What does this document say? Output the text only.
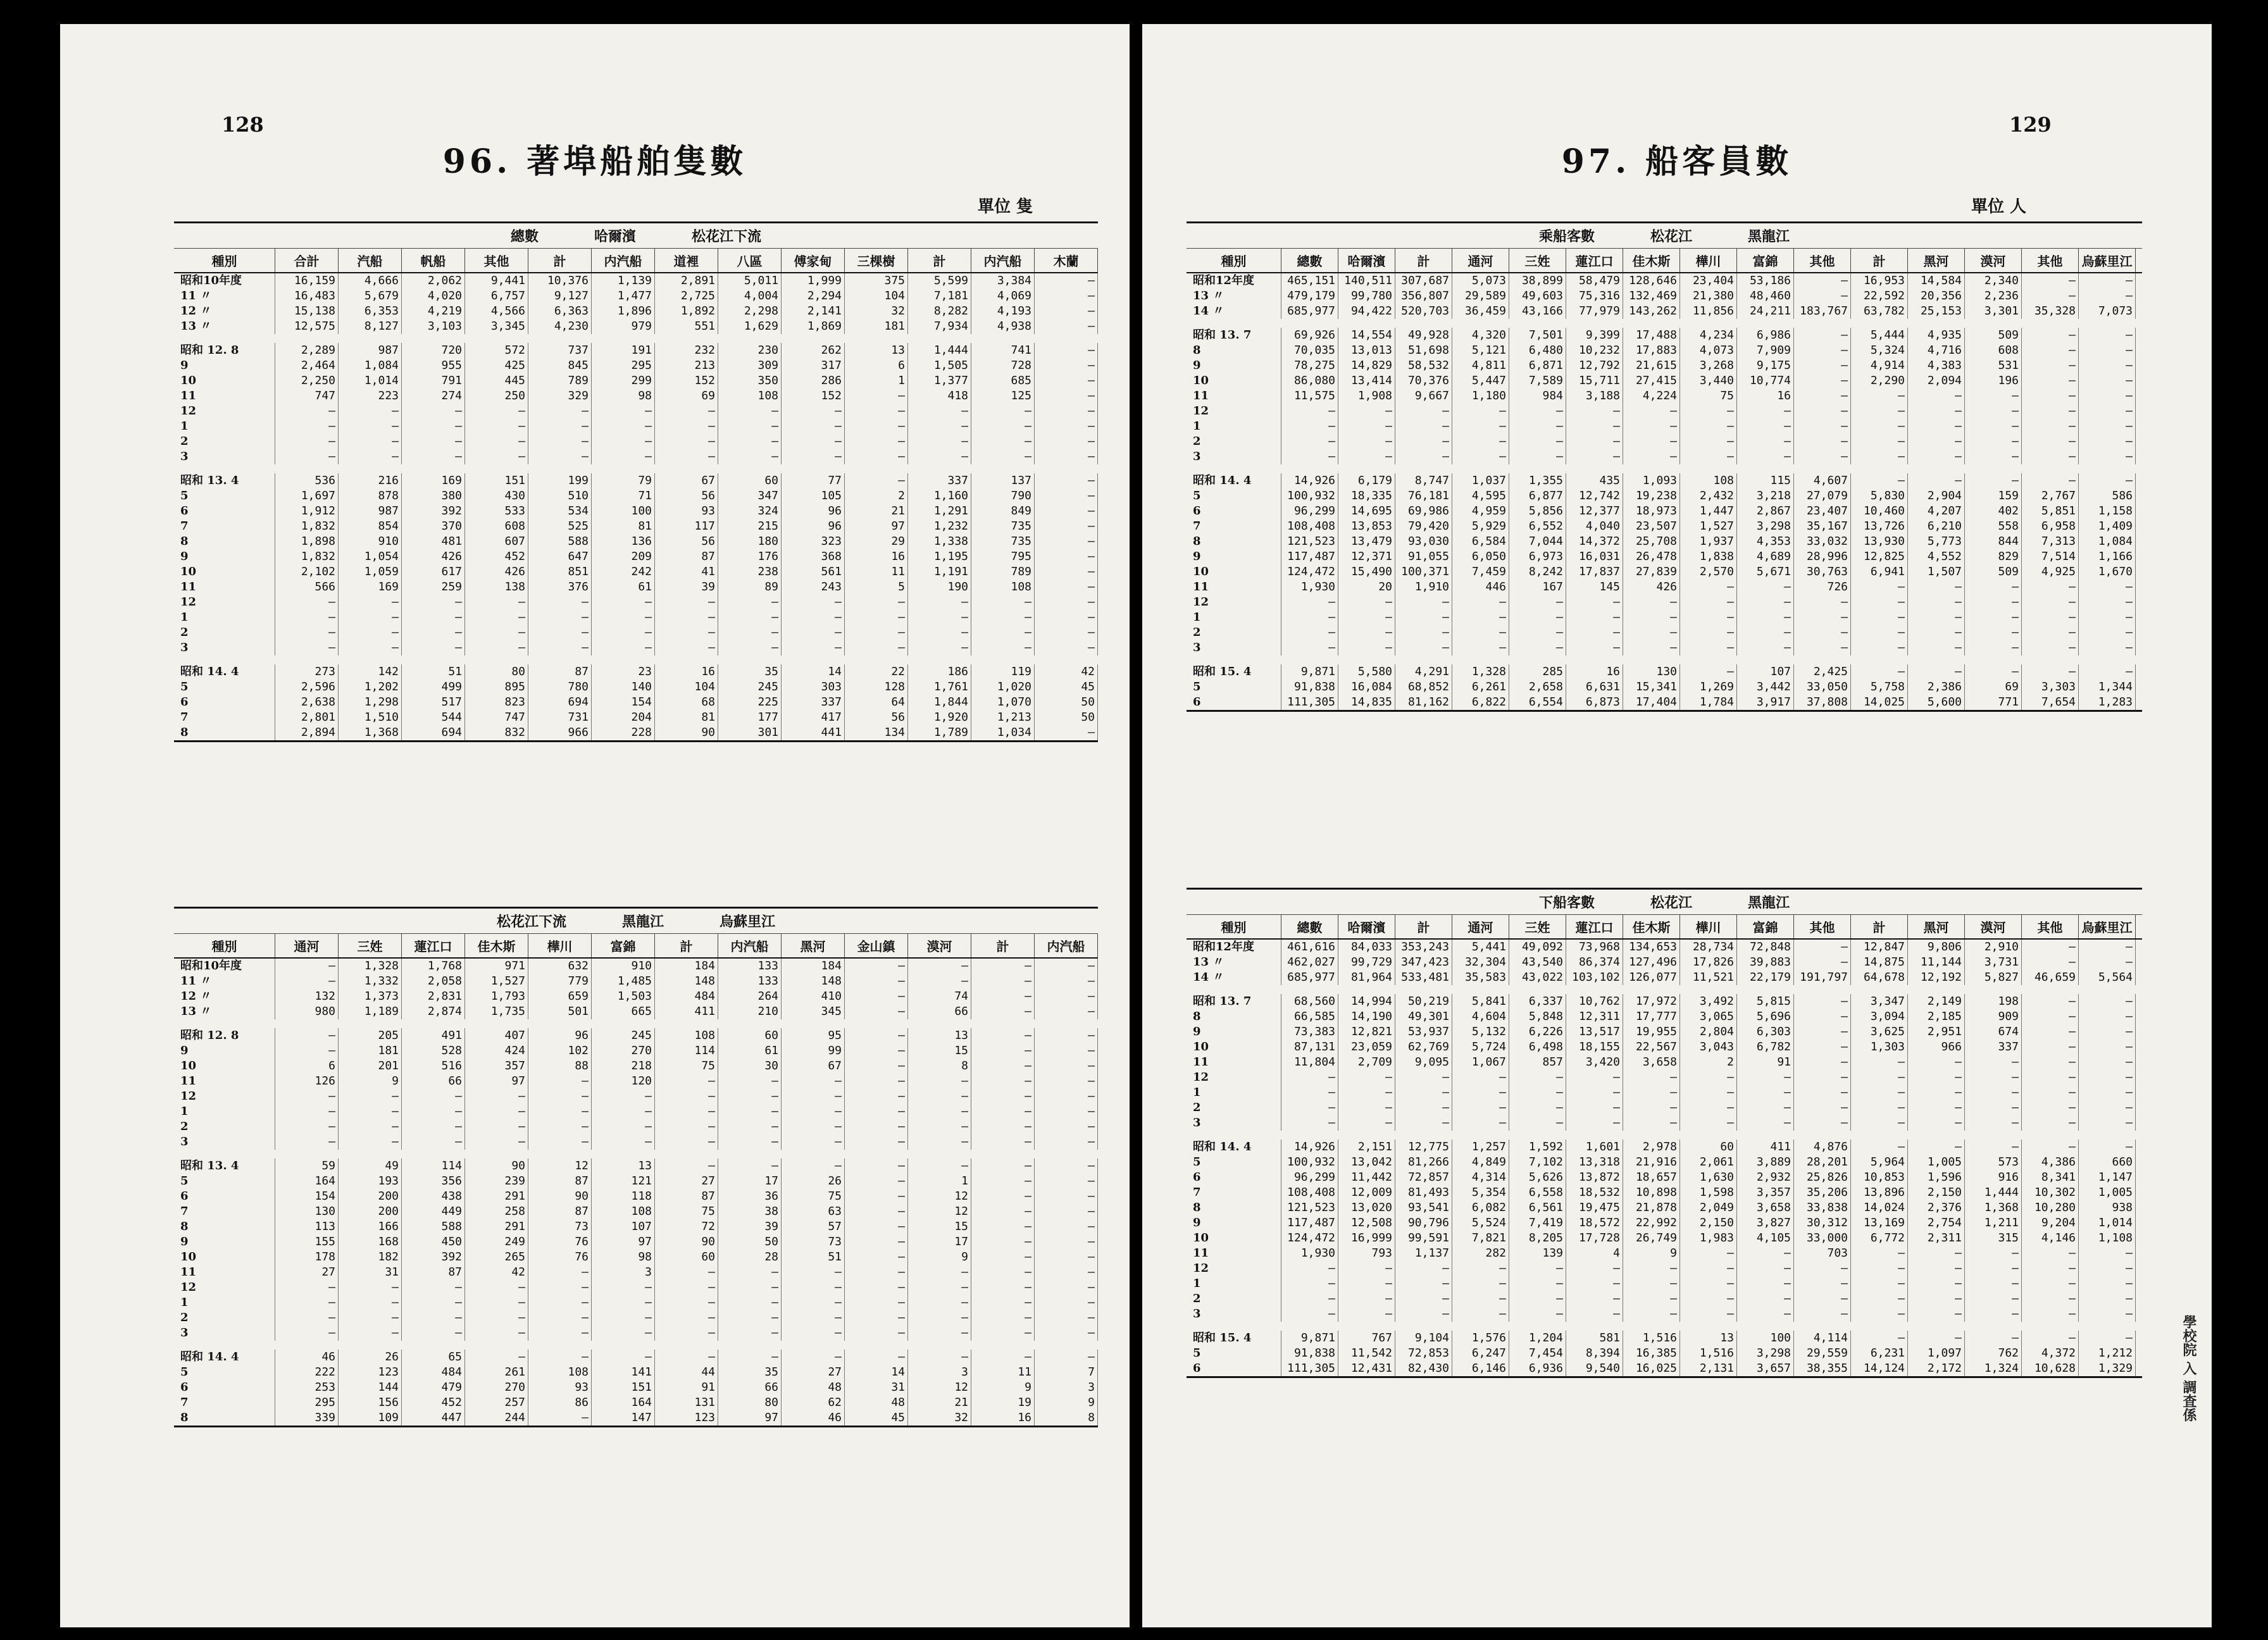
128
96. 著埠船舶隻數
單位 隻
總數　　　　哈爾濱　　　　松花江下流
種別	合計	汽船	帆船	其他	計	内汽船	道裡	八區	傅家甸	三棵樹	計	内汽船	木蘭
昭和10年度	16,159	4,666	2,062	9,441	10,376	1,139	2,891	5,011	1,999	375	5,599	3,384	—
11 〃	16,483	5,679	4,020	6,757	9,127	1,477	2,725	4,004	2,294	104	7,181	4,069	—
12 〃	15,138	6,353	4,219	4,566	6,363	1,896	1,892	2,298	2,141	32	8,282	4,193	—
13 〃	12,575	8,127	3,103	3,345	4,230	979	551	1,629	1,869	181	7,934	4,938	—
昭和 12. 8	2,289	987	720	572	737	191	232	230	262	13	1,444	741	—
9	2,464	1,084	955	425	845	295	213	309	317	6	1,505	728	—
10	2,250	1,014	791	445	789	299	152	350	286	1	1,377	685	—
11	747	223	274	250	329	98	69	108	152	—	418	125	—
12	—	—	—	—	—	—	—	—	—	—	—	—	—
1	—	—	—	—	—	—	—	—	—	—	—	—	—
2	—	—	—	—	—	—	—	—	—	—	—	—	—
3	—	—	—	—	—	—	—	—	—	—	—	—	—
昭和 13. 4	536	216	169	151	199	79	67	60	77	—	337	137	—
5	1,697	878	380	430	510	71	56	347	105	2	1,160	790	—
6	1,912	987	392	533	534	100	93	324	96	21	1,291	849	—
7	1,832	854	370	608	525	81	117	215	96	97	1,232	735	—
8	1,898	910	481	607	588	136	56	180	323	29	1,338	735	—
9	1,832	1,054	426	452	647	209	87	176	368	16	1,195	795	—
10	2,102	1,059	617	426	851	242	41	238	561	11	1,191	789	—
11	566	169	259	138	376	61	39	89	243	5	190	108	—
12	—	—	—	—	—	—	—	—	—	—	—	—	—
1	—	—	—	—	—	—	—	—	—	—	—	—	—
2	—	—	—	—	—	—	—	—	—	—	—	—	—
3	—	—	—	—	—	—	—	—	—	—	—	—	—
昭和 14. 4	273	142	51	80	87	23	16	35	14	22	186	119	42
5	2,596	1,202	499	895	780	140	104	245	303	128	1,761	1,020	45
6	2,638	1,298	517	823	694	154	68	225	337	64	1,844	1,070	50
7	2,801	1,510	544	747	731	204	81	177	417	56	1,920	1,213	50
8	2,894	1,368	694	832	966	228	90	301	441	134	1,789	1,034	—
松花江下流　　　　黑龍江　　　　烏蘇里江
種別	通河	三姓	蓮江口	佳木斯	樺川	富錦	計	内汽船	黑河	金山鎮	漠河	計	内汽船
昭和10年度	—	1,328	1,768	971	632	910	184	133	184	—	—	—	—
11 〃	—	1,332	2,058	1,527	779	1,485	148	133	148	—	—	—	—
12 〃	132	1,373	2,831	1,793	659	1,503	484	264	410	—	74	—	—
13 〃	980	1,189	2,874	1,735	501	665	411	210	345	—	66	—	—
昭和 12. 8	—	205	491	407	96	245	108	60	95	—	13	—	—
9	—	181	528	424	102	270	114	61	99	—	15	—	—
10	6	201	516	357	88	218	75	30	67	—	8	—	—
11	126	9	66	97	—	120	—	—	—	—	—	—	—
12	—	—	—	—	—	—	—	—	—	—	—	—	—
1	—	—	—	—	—	—	—	—	—	—	—	—	—
2	—	—	—	—	—	—	—	—	—	—	—	—	—
3	—	—	—	—	—	—	—	—	—	—	—	—	—
昭和 13. 4	59	49	114	90	12	13	—	—	—	—	—	—	—
5	164	193	356	239	87	121	27	17	26	—	1	—	—
6	154	200	438	291	90	118	87	36	75	—	12	—	—
7	130	200	449	258	87	108	75	38	63	—	12	—	—
8	113	166	588	291	73	107	72	39	57	—	15	—	—
9	155	168	450	249	76	97	90	50	73	—	17	—	—
10	178	182	392	265	76	98	60	28	51	—	9	—	—
11	27	31	87	42	—	3	—	—	—	—	—	—	—
12	—	—	—	—	—	—	—	—	—	—	—	—	—
1	—	—	—	—	—	—	—	—	—	—	—	—	—
2	—	—	—	—	—	—	—	—	—	—	—	—	—
3	—	—	—	—	—	—	—	—	—	—	—	—	—
昭和 14. 4	46	26	65	—	—	—	—	—	—	—	—	—	—
5	222	123	484	261	108	141	44	35	27	14	3	11	7
6	253	144	479	270	93	151	91	66	48	31	12	9	3
7	295	156	452	257	86	164	131	80	62	48	21	19	9
8	339	109	447	244	—	147	123	97	46	45	32	16	8
129
97. 船客員數
單位 人
乘船客數　　　　松花江　　　　黑龍江
種別	總數	哈爾濱	計	通河	三姓	蓮江口	佳木斯	樺川	富錦	其他	計	黑河	漠河	其他	烏蘇里江
昭和12年度	465,151 140,511 307,687	5,073	38,899	58,479 128,646	23,404	53,186	—	16,953	14,584	2,340	—	—
13 〃	479,179	99,780 356,807	29,589	49,603	75,316 132,469	21,380	48,460	—	22,592	20,356	2,236	—	—
14 〃	685,977	94,422 520,703	36,459	43,166	77,979 143,262	11,856	24,211 183,767	63,782	25,153	3,301	35,328	7,073
昭和 13. 7	69,926	14,554	49,928	4,320	7,501	9,399	17,488	4,234	6,986	—	5,444	4,935	509	—	—
8	70,035	13,013	51,698	5,121	6,480	10,232	17,883	4,073	7,909	—	5,324	4,716	608	—	—
9	78,275	14,829	58,532	4,811	6,871	12,792	21,615	3,268	9,175	—	4,914	4,383	531	—	—
10	86,080	13,414	70,376	5,447	7,589	15,711	27,415	3,440	10,774	—	2,290	2,094	196	—	—
11	11,575	1,908	9,667	1,180	984	3,188	4,224	75	16	—	—	—	—	—	—
12	—	—	—	—	—	—	—	—	—	—	—	—	—	—	—
1	—	—	—	—	—	—	—	—	—	—	—	—	—	—	—
2	—	—	—	—	—	—	—	—	—	—	—	—	—	—	—
3	—	—	—	—	—	—	—	—	—	—	—	—	—	—	—
昭和 14. 4	14,926	6,179	8,747	1,037	1,355	435	1,093	108	115	4,607	—	—	—	—	—
5	100,932	18,335	76,181	4,595	6,877	12,742	19,238	2,432	3,218	27,079	5,830	2,904	159	2,767	586
6	96,299	14,695	69,986	4,959	5,856	12,377	18,973	1,447	2,867	23,407	10,460	4,207	402	5,851	1,158
7	108,408	13,853	79,420	5,929	6,552	4,040	23,507	1,527	3,298	35,167	13,726	6,210	558	6,958	1,409
8	121,523	13,479	93,030	6,584	7,044	14,372	25,708	1,937	4,353	33,032	13,930	5,773	844	7,313	1,084
9	117,487	12,371	91,055	6,050	6,973	16,031	26,478	1,838	4,689	28,996	12,825	4,552	829	7,514	1,166
10	124,472	15,490 100,371	7,459	8,242	17,837	27,839	2,570	5,671	30,763	6,941	1,507	509	4,925	1,670
11	1,930	20	1,910	446	167	145	426	—	—	726	—	—	—	—	—
12	—	—	—	—	—	—	—	—	—	—	—	—	—	—	—
1	—	—	—	—	—	—	—	—	—	—	—	—	—	—	—
2	—	—	—	—	—	—	—	—	—	—	—	—	—	—	—
3	—	—	—	—	—	—	—	—	—	—	—	—	—	—	—
昭和 15. 4	9,871	5,580	4,291	1,328	285	16	130	—	107	2,425	—	—	—	—	—
5	91,838	16,084	68,852	6,261	2,658	6,631	15,341	1,269	3,442	33,050	5,758	2,386	69	3,303	1,344
6	111,305	14,835	81,162	6,822	6,554	6,873	17,404	1,784	3,917	37,808	14,025	5,600	771	7,654	1,283
下船客數　　　　松花江　　　　黑龍江
種別	總數	哈爾濱	計	通河	三姓	蓮江口	佳木斯	樺川	富錦	其他	計	黑河	漠河	其他	烏蘇里江
昭和12年度	461,616	84,033 353,243	5,441	49,092	73,968 134,653	28,734	72,848	—	12,847	9,806	2,910	—	—
13 〃	462,027	99,729 347,423	32,304	43,540	86,374 127,496	17,826	39,883	—	14,875	11,144	3,731	—	—
14 〃	685,977	81,964 533,481	35,583	43,022 103,102 126,077	11,521	22,179 191,797	64,678	12,192	5,827	46,659	5,564
昭和 13. 7	68,560	14,994	50,219	5,841	6,337	10,762	17,972	3,492	5,815	—	3,347	2,149	198	—	—
8	66,585	14,190	49,301	4,604	5,848	12,311	17,777	3,065	5,696	—	3,094	2,185	909	—	—
9	73,383	12,821	53,937	5,132	6,226	13,517	19,955	2,804	6,303	—	3,625	2,951	674	—	—
10	87,131	23,059	62,769	5,724	6,498	18,155	22,567	3,043	6,782	—	1,303	966	337	—	—
11	11,804	2,709	9,095	1,067	857	3,420	3,658	2	91	—	—	—	—	—	—
12	—	—	—	—	—	—	—	—	—	—	—	—	—	—	—
1	—	—	—	—	—	—	—	—	—	—	—	—	—	—	—
2	—	—	—	—	—	—	—	—	—	—	—	—	—	—	—
3	—	—	—	—	—	—	—	—	—	—	—	—	—	—	—
昭和 14. 4	14,926	2,151	12,775	1,257	1,592	1,601	2,978	60	411	4,876	—	—	—	—	—
5	100,932	13,042	81,266	4,849	7,102	13,318	21,916	2,061	3,889	28,201	5,964	1,005	573	4,386	660
6	96,299	11,442	72,857	4,314	5,626	13,872	18,657	1,630	2,932	25,826	10,853	1,596	916	8,341	1,147
7	108,408	12,009	81,493	5,354	6,558	18,532	10,898	1,598	3,357	35,206	13,896	2,150	1,444	10,302	1,005
8	121,523	13,020	93,541	6,082	6,561	19,475	21,878	2,049	3,658	33,838	14,024	2,376	1,368	10,280	938
9	117,487	12,508	90,796	5,524	7,419	18,572	22,992	2,150	3,827	30,312	13,169	2,754	1,211	9,204	1,014
10	124,472	16,999	99,591	7,821	8,205	17,728	26,749	1,983	4,105	33,000	6,772	2,311	315	4,146	1,108
11	1,930	793	1,137	282	139	4	9	—	—	703	—	—	—	—	—
12	—	—	—	—	—	—	—	—	—	—	—	—	—	—	—
1	—	—	—	—	—	—	—	—	—	—	—	—	—	—	—
2	—	—	—	—	—	—	—	—	—	—	—	—	—	—	—
3	—	—	—	—	—	—	—	—	—	—	—	—	—	—	—
昭和 15. 4	9,871	767	9,104	1,576	1,204	581	1,516	13	100	4,114	—	—	—	—	—
5	91,838	11,542	72,853	6,247	7,454	8,394	16,385	1,516	3,298	29,559	6,231	1,097	762	4,372	1,212
6	111,305	12,431	82,430	6,146	6,936	9,540	16,025	2,131	3,657	38,355	14,124	2,172	1,324	10,628	1,329	學校院 入 調査係
